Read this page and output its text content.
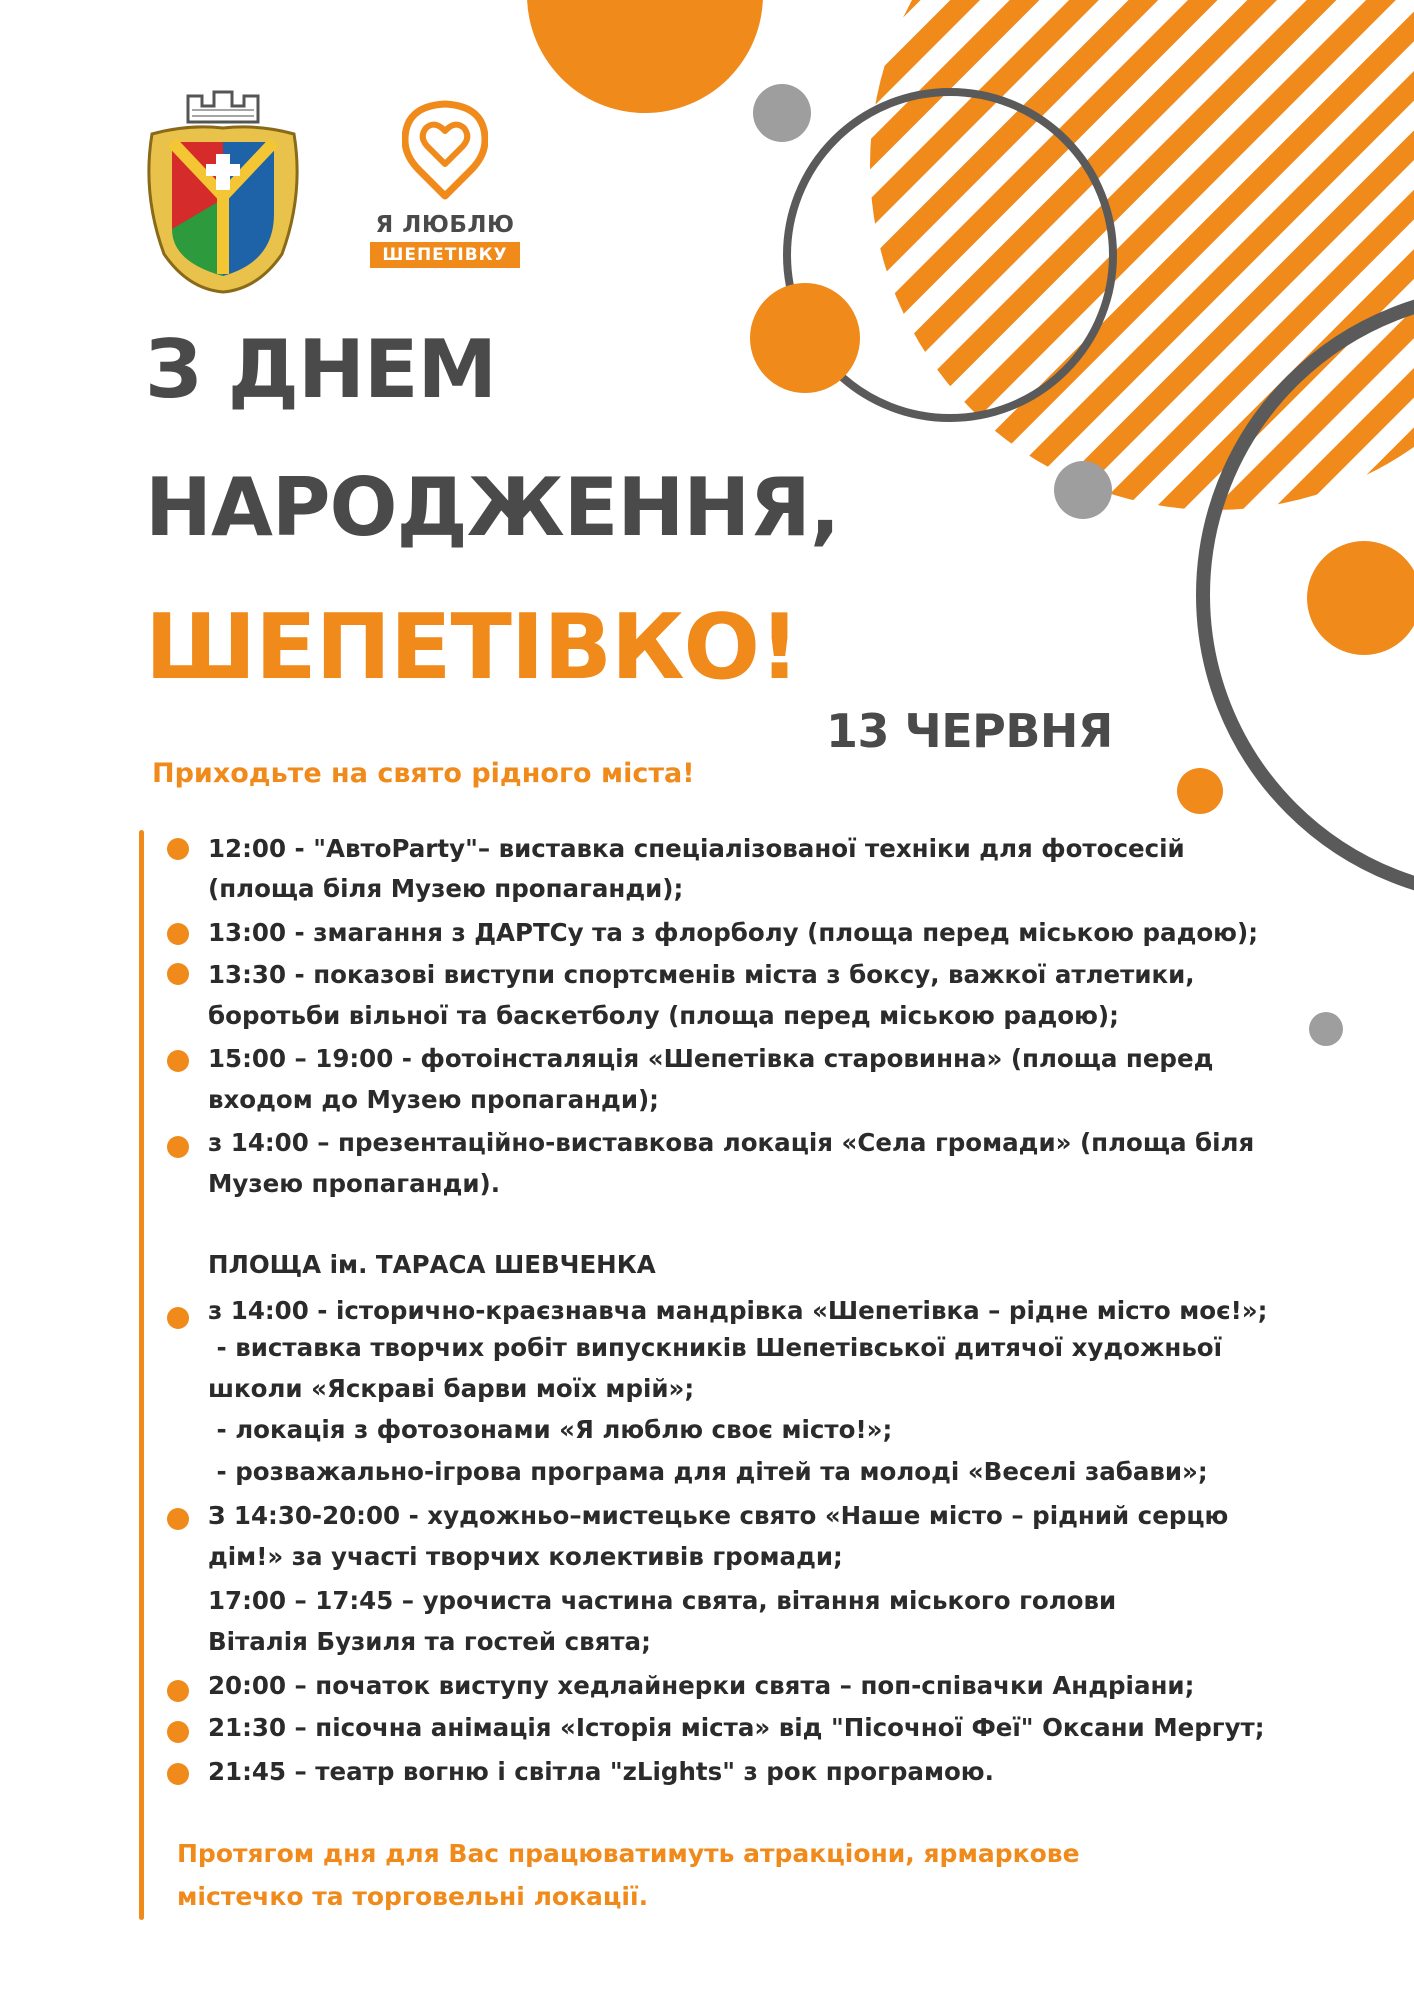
Я ЛЮБЛЮ
ШЕПЕТІВКУ
З ДНЕМ
НАРОДЖЕННЯ,
ШЕПЕТІВКО!
13 ЧЕРВНЯ
Приходьте на свято рідного міста!
12:00 - "АвтоParty"– виставка спеціалізованої техніки для фотосесій
(площа біля Музею пропаганди);
13:00 - змагання з ДАРТСу та з флорболу (площа перед міською радою);
13:30 - показові виступи спортсменів міста з боксу, важкої атлетики,
боротьби вільної та баскетболу (площа перед міською радою);
15:00 – 19:00 - фотоінсталяція «Шепетівка старовинна» (площа перед
входом до Музею пропаганди);
з 14:00 – презентаційно-виставкова локація «Села громади» (площа біля
Музею пропаганди).
ПЛОЩА ім. ТАРАСА ШЕВЧЕНКА
з 14:00 - історично-краєзнавча мандрівка «Шепетівка – рідне місто моє!»;
- виставка творчих робіт випускників Шепетівської дитячої художньої
школи «Яскраві барви моїх мрій»;
- локація з фотозонами «Я люблю своє місто!»;
- розважально-ігрова програма для дітей та молоді «Веселі забави»;
З 14:30-20:00 - художньо–мистецьке свято «Наше місто – рідний серцю
дім!» за участі творчих колективів громади;
17:00 – 17:45 – урочиста частина свята, вітання міського голови
Віталія Бузиля та гостей свята;
20:00 – початок виступу хедлайнерки свята – поп-співачки Андріани;
21:30 – пісочна анімація «Історія міста» від "Пісочної Феї" Оксани Мергут;
21:45 – театр вогню і світла "zLights" з рок програмою.
Протягом дня для Вас працюватимуть атракціони, ярмаркове
містечко та торговельні локації.
